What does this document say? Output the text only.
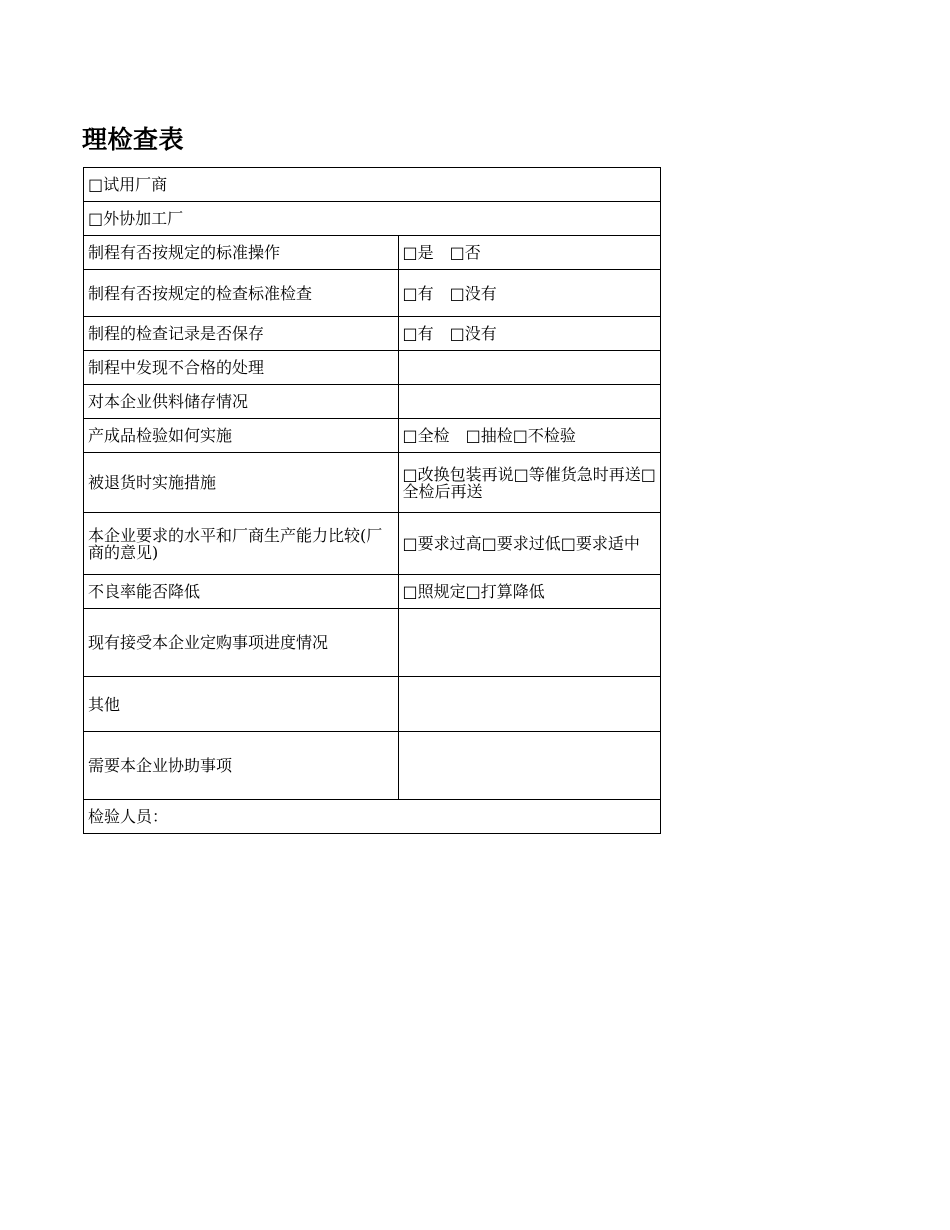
理检查表
□试用厂商	
□外协加工厂	
制程有否按规定的标准操作	□是　□否
制程有否按规定的检查标准检查	□有　□没有
制程的检查记录是否保存	□有　□没有
制程中发现不合格的处理	
对本企业供料储存情况	
产成品检验如何实施	□全检　□抽检□不检验
被退货时实施措施	□改换包装再说□等催货急时再送□全检后再送
本企业要求的水平和厂商生产能力比较(厂商的意见)	□要求过高□要求过低□要求适中
不良率能否降低	□照规定□打算降低
现有接受本企业定购事项进度情况	
其他	
需要本企业协助事项	
检验人员：	
